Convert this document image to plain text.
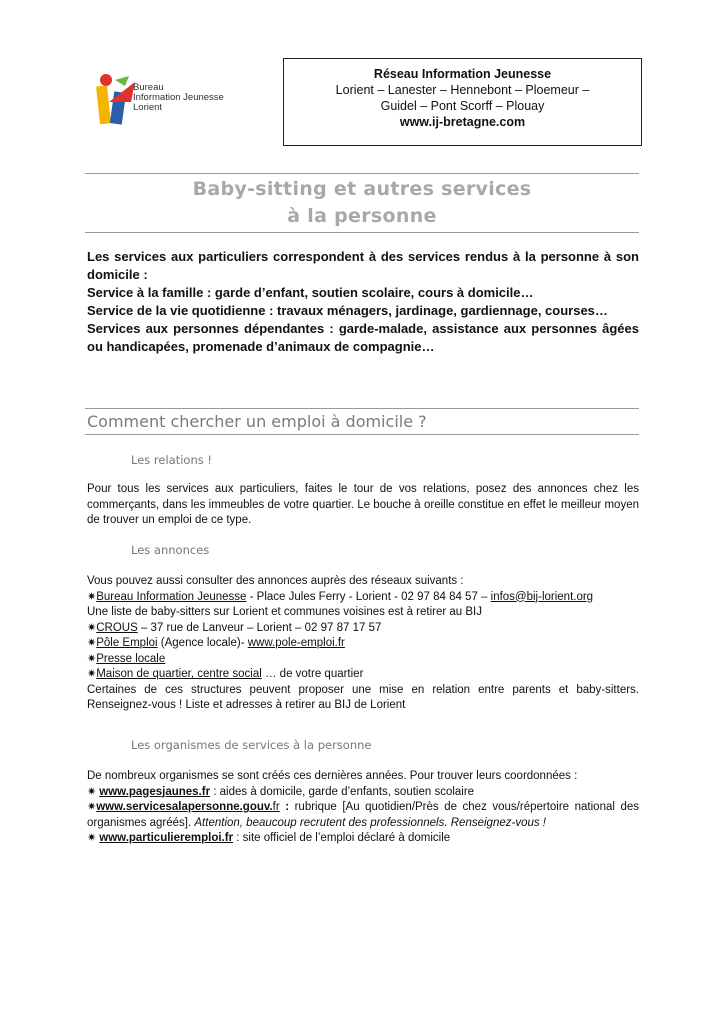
Bureau
Information Jeunesse
Lorient
Réseau Information Jeunesse
Lorient – Lanester – Hennebont – Ploemeur –
Guidel – Pont Scorff – Plouay
www.ij-bretagne.com
Baby-sitting et autres services
à la personne

Les services aux particuliers correspondent à des services rendus à la personne à son domicile :

Service à la famille : garde d’enfant, soutien scolaire, cours à domicile…

Service de la vie quotidienne : travaux ménagers, jardinage, gardiennage, courses…

Services aux personnes dépendantes : garde-malade, assistance aux personnes âgées ou handicapées, promenade d’animaux de compagnie…

Comment chercher un emploi à domicile ?
Les relations !

Pour tous les services aux particuliers, faites le tour de vos relations, posez des annonces chez les commerçants, dans les immeubles de votre quartier. Le bouche à oreille constitue en effet le meilleur moyen de trouver un emploi de ce type.

Les annonces

Vous pouvez aussi consulter des annonces auprès des réseaux suivants :

✷Bureau Information Jeunesse - Place Jules Ferry - Lorient - 02 97 84 84 57 – infos@bij-lorient.org

Une liste de baby-sitters sur Lorient et communes voisines est à retirer au BIJ

✷CROUS – 37 rue de Lanveur – Lorient – 02 97 87 17 57

✷Pôle Emploi (Agence locale)- www.pole-emploi.fr

✷Presse locale

✷Maison de quartier, centre social … de votre quartier

Certaines de ces structures peuvent proposer une mise en relation entre parents et baby-sitters. Renseignez-vous ! Liste et adresses à retirer au BIJ de Lorient

Les organismes de services à la personne

De nombreux organismes se sont créés ces dernières années. Pour trouver leurs coordonnées :

✷ www.pagesjaunes.fr : aides à domicile, garde d’enfants, soutien scolaire

✷www.servicesalapersonne.gouv.fr : rubrique [Au quotidien/Près de chez vous/répertoire national des organismes agréés]. Attention, beaucoup recrutent des professionnels. Renseignez-vous !

✷ www.particulieremploi.fr : site officiel de l’emploi déclaré à domicile
